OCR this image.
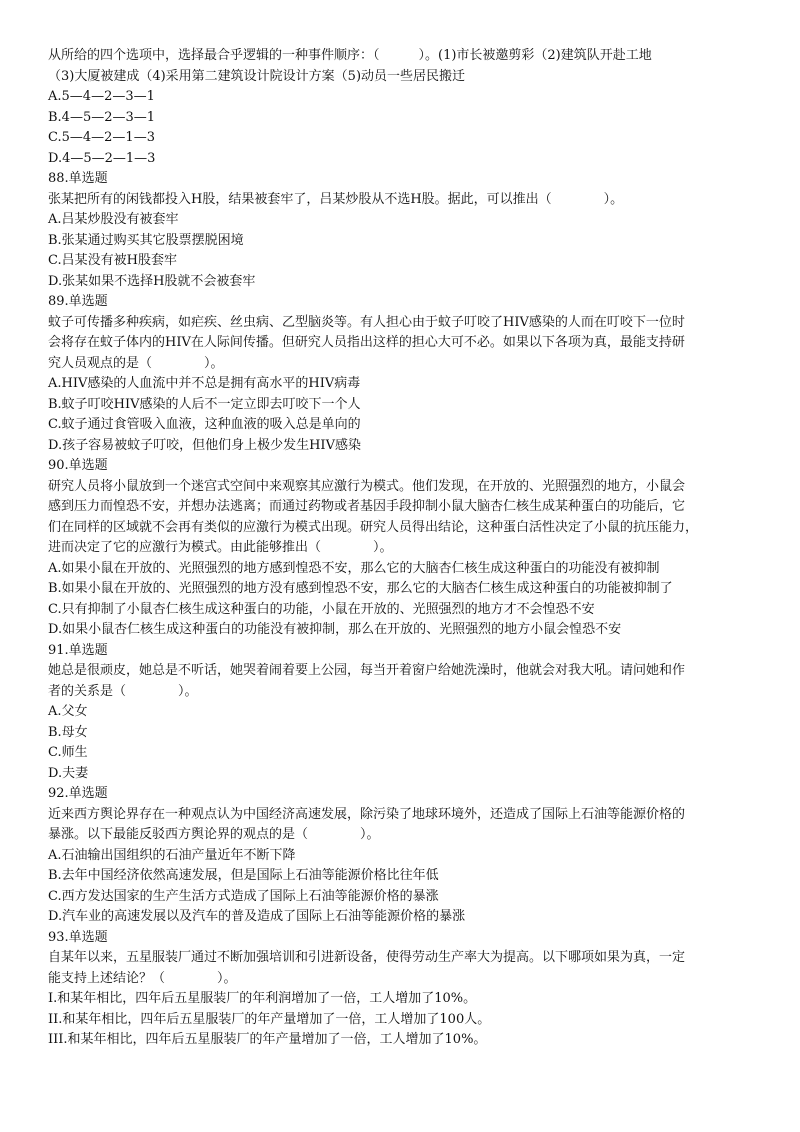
从所给的四个选项中，选择最合乎逻辑的一种事件顺序：（　　　）。(1)市长被邀剪彩（2)建筑队开赴工地

（3)大厦被建成（4)采用第二建筑设计院设计方案（5)动员一些居民搬迁

A.5—4—2—3—1

B.4—5—2—3—1

C.5—4—2—1—3

D.4—5—2—1—3

88.单选题

张某把所有的闲钱都投入H股，结果被套牢了，吕某炒股从不选H股。据此，可以推出（　　　　）。

A.吕某炒股没有被套牢

B.张某通过购买其它股票摆脱困境

C.吕某没有被H股套牢

D.张某如果不选择H股就不会被套牢

89.单选题

蚊子可传播多种疾病，如疟疾、丝虫病、乙型脑炎等。有人担心由于蚊子叮咬了HIV感染的人而在叮咬下一位时

会将存在蚊子体内的HIV在人际间传播。但研究人员指出这样的担心大可不必。如果以下各项为真，最能支持研

究人员观点的是（　　　　）。

A.HIV感染的人血流中并不总是拥有高水平的HIV病毒

B.蚊子叮咬HIV感染的人后不一定立即去叮咬下一个人

C.蚊子通过食管吸入血液，这种血液的吸入总是单向的

D.孩子容易被蚊子叮咬，但他们身上极少发生HIV感染

90.单选题

研究人员将小鼠放到一个迷宫式空间中来观察其应激行为模式。他们发现，在开放的、光照强烈的地方，小鼠会

感到压力而惶恐不安，并想办法逃离；而通过药物或者基因手段抑制小鼠大脑杏仁核生成某种蛋白的功能后，它

们在同样的区域就不会再有类似的应激行为模式出现。研究人员得出结论，这种蛋白活性决定了小鼠的抗压能力，

进而决定了它的应激行为模式。由此能够推出（　　　　）。

A.如果小鼠在开放的、光照强烈的地方感到惶恐不安，那么它的大脑杏仁核生成这种蛋白的功能没有被抑制

B.如果小鼠在开放的、光照强烈的地方没有感到惶恐不安，那么它的大脑杏仁核生成这种蛋白的功能被抑制了

C.只有抑制了小鼠杏仁核生成这种蛋白的功能，小鼠在开放的、光照强烈的地方才不会惶恐不安

D.如果小鼠杏仁核生成这种蛋白的功能没有被抑制，那么在开放的、光照强烈的地方小鼠会惶恐不安

91.单选题

她总是很顽皮，她总是不听话，她哭着闹着要上公园，每当开着窗户给她洗澡时，他就会对我大吼。请问她和作

者的关系是（　　　　）。

A.父女

B.母女

C.师生

D.夫妻

92.单选题

近来西方舆论界存在一种观点认为中国经济高速发展，除污染了地球环境外，还造成了国际上石油等能源价格的

暴涨。以下最能反驳西方舆论界的观点的是（　　　　）。

A.石油输出国组织的石油产量近年不断下降

B.去年中国经济依然高速发展，但是国际上石油等能源价格比往年低

C.西方发达国家的生产生活方式造成了国际上石油等能源价格的暴涨

D.汽车业的高速发展以及汽车的普及造成了国际上石油等能源价格的暴涨

93.单选题

自某年以来，五星服装厂通过不断加强培训和引进新设备，使得劳动生产率大为提高。以下哪项如果为真，一定

能支持上述结论？（　　　　）。

I.和某年相比，四年后五星服装厂的年利润增加了一倍，工人增加了10%。

II.和某年相比，四年后五星服装厂的年产量增加了一倍，工人增加了100人。

III.和某年相比，四年后五星服装厂的年产量增加了一倍，工人增加了10%。
